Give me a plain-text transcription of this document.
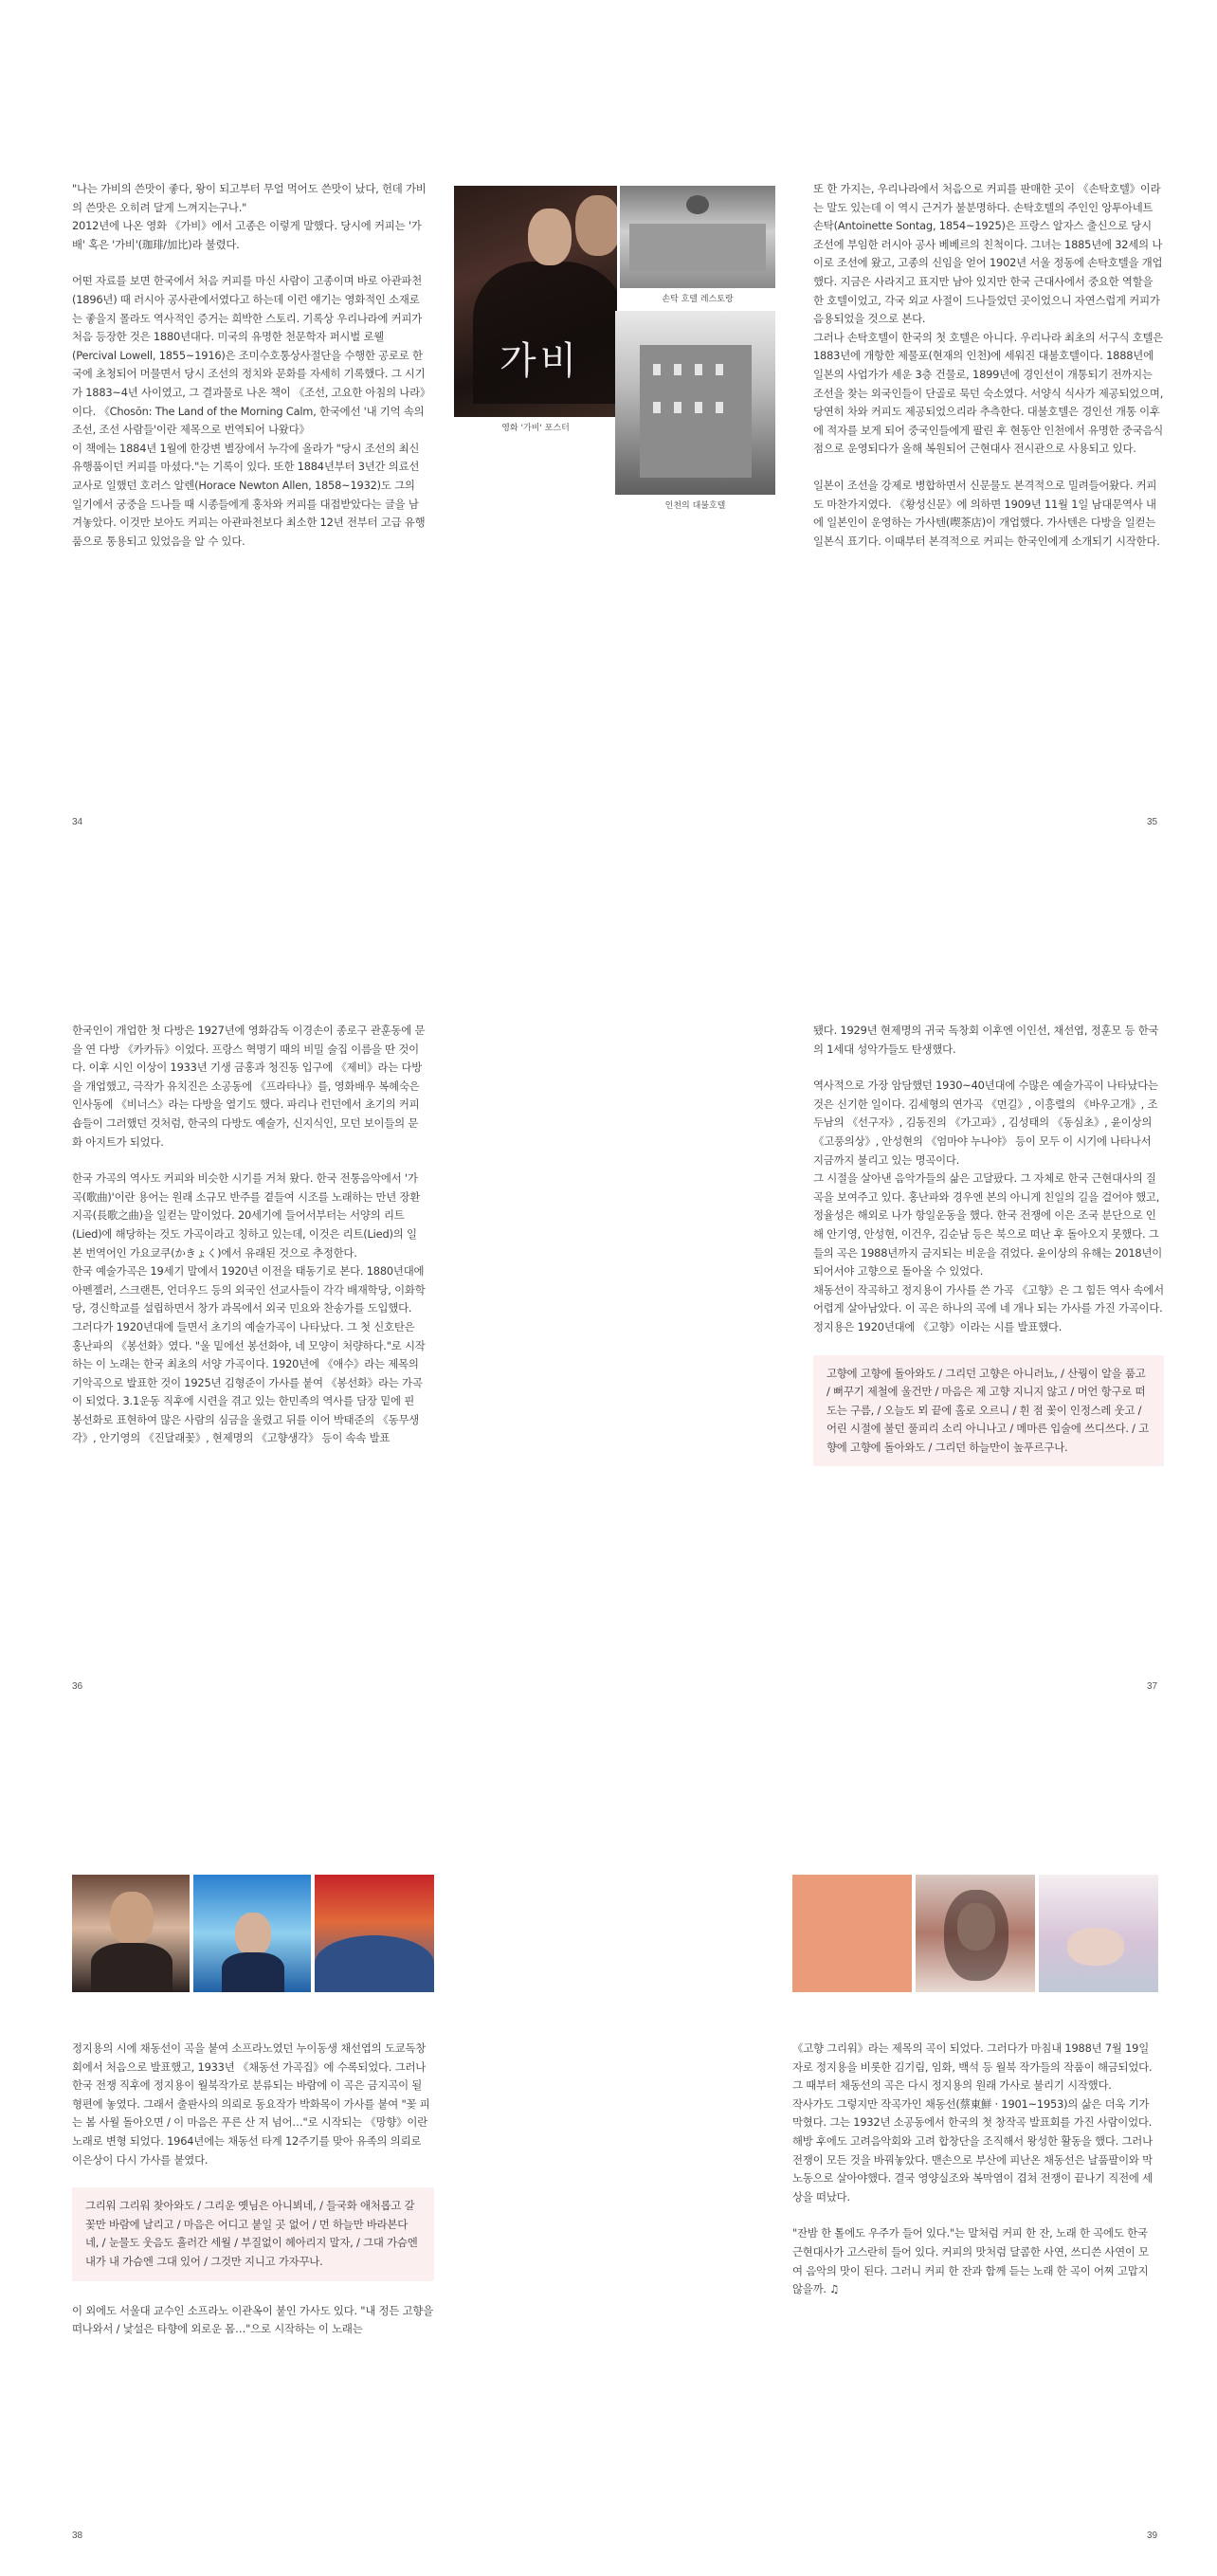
"나는 가비의 쓴맛이 좋다, 왕이 되고부터 무얼 먹어도 쓴맛이 났다, 헌데 가비의 쓴맛은 오히려 달게 느껴지는구나."
2012년에 나온 영화 《가비》에서 고종은 이렇게 말했다. 당시에 커피는 '가배' 혹은 '가비'(珈琲/加比)라 불렸다.

어떤 자료를 보면 한국에서 처음 커피를 마신 사람이 고종이며 바로 아관파천(1896년) 때 러시아 공사관에서였다고 하는데 이런 얘기는 영화적인 소재로는 좋을지 몰라도 역사적인 증거는 희박한 스토리. 기록상 우리나라에 커피가 처음 등장한 것은 1880년대다. 미국의 유명한 천문학자 퍼시벌 로웰(Percival Lowell, 1855~1916)은 조미수호통상사절단을 수행한 공로로 한국에 초청되어 머물면서 당시 조선의 정치와 문화를 자세히 기록했다. 그 시기가 1883~4년 사이였고, 그 결과물로 나온 책이 《조선, 고요한 아침의 나라》이다. 《Chosŏn: The Land of the Morning Calm, 한국에선 '내 기억 속의 조선, 조선 사람들'이란 제목으로 번역되어 나왔다》
이 책에는 1884년 1월에 한강변 별장에서 누각에 올라가 "당시 조선의 최신 유행품이던 커피를 마셨다."는 기록이 있다. 또한 1884년부터 3년간 의료선교사로 일했던 호러스 알렌(Horace Newton Allen, 1858~1932)도 그의 일기에서 궁중을 드나들 때 시종들에게 홍차와 커피를 대접받았다는 글을 남겨놓았다. 이것만 보아도 커피는 아관파천보다 최소한 12년 전부터 고급 유행품으로 통용되고 있었음을 알 수 있다.

가비
영화 '가비' 포스터
손탁 호텔 레스토랑
인천의 대불호텔

또 한 가지는, 우리나라에서 처음으로 커피를 판매한 곳이 《손탁호텔》이라는 말도 있는데 이 역시 근거가 불분명하다. 손탁호텔의 주인인 앙투아네트 손탁(Antoinette Sontag, 1854~1925)은 프랑스 알자스 출신으로 당시 조선에 부임한 러시아 공사 베베르의 친척이다. 그녀는 1885년에 32세의 나이로 조선에 왔고, 고종의 신임을 얻어 1902년 서울 정동에 손탁호텔을 개업했다. 지금은 사라지고 표지만 남아 있지만 한국 근대사에서 중요한 역할을 한 호텔이었고, 각국 외교 사절이 드나들었던 곳이었으니 자연스럽게 커피가 음용되었을 것으로 본다.
그러나 손탁호텔이 한국의 첫 호텔은 아니다. 우리나라 최초의 서구식 호텔은 1883년에 개항한 제물포(현재의 인천)에 세워진 대불호텔이다. 1888년에 일본의 사업가가 세운 3층 건물로, 1899년에 경인선이 개통되기 전까지는 조선을 찾는 외국인들이 단골로 묵던 숙소였다. 서양식 식사가 제공되었으며, 당연히 차와 커피도 제공되었으리라 추측한다. 대불호텔은 경인선 개통 이후에 적자를 보게 되어 중국인들에게 팔린 후 현동안 인천에서 유명한 중국음식점으로 운영되다가 올해 복원되어 근현대사 전시관으로 사용되고 있다.

일본이 조선을 강제로 병합하면서 신문물도 본격적으로 밀려들어왔다. 커피도 마찬가지였다. 《황성신문》에 의하면 1909년 11월 1일 남대문역사 내에 일본인이 운영하는 가사텐(喫茶店)이 개업했다. 가사텐은 다방을 일컫는 일본식 표기다. 이때부터 본격적으로 커피는 한국인에게 소개되기 시작한다.

34	35

한국인이 개업한 첫 다방은 1927년에 영화감독 이경손이 종로구 관훈동에 문을 연 다방 《카카듀》이었다. 프랑스 혁명기 때의 비밀 술집 이름을 딴 것이다. 이후 시인 이상이 1933년 기생 금홍과 청진동 입구에 《제비》라는 다방을 개업했고, 극작가 유치진은 소공동에 《프라타나》를, 영화배우 복혜숙은 인사동에 《비너스》라는 다방을 열기도 했다. 파리나 런던에서 초기의 커피숍들이 그러했던 것처럼, 한국의 다방도 예술가, 신지식인, 모던 보이들의 문화 아지트가 되었다.

한국 가곡의 역사도 커피와 비슷한 시기를 거쳐 왔다. 한국 전통음악에서 '가곡(歌曲)'이란 용어는 원래 소규모 반주를 곁들여 시조를 노래하는 만년 장환지곡(長歌之曲)을 일컫는 말이었다. 20세기에 들어서부터는 서양의 리트(Lied)에 해당하는 것도 가곡이라고 칭하고 있는데, 이것은 리트(Lied)의 일본 번역어인 가요쿄쿠(かきょく)에서 유래된 것으로 추정한다.
한국 예술가곡은 19세기 말에서 1920년 이전을 태동기로 본다. 1880년대에 아펜젤러, 스크랜튼, 언더우드 등의 외국인 선교사들이 각각 배재학당, 이화학당, 경신학교를 설립하면서 창가 과목에서 외국 민요와 찬송가를 도입했다.
그러다가 1920년대에 들면서 초기의 예술가곡이 나타났다. 그 첫 신호탄은 홍난파의 《봉선화》였다. "울 밑에선 봉선화야, 네 모양이 처량하다."로 시작하는 이 노래는 한국 최초의 서양 가곡이다. 1920년에 《애수》라는 제목의 기악곡으로 발표한 것이 1925년 김형준이 가사를 붙여 《봉선화》라는 가곡이 되었다. 3.1운동 직후에 시련을 겪고 있는 한민족의 역사를 담장 밑에 핀 봉선화로 표현하여 많은 사람의 심금을 울렸고 뒤를 이어 박태준의 《동무생각》, 안기영의 《진달래꽃》, 현제명의 《고향생각》 등이 속속 발표

됐다. 1929년 현제명의 귀국 독창회 이후엔 이인선, 채선엽, 정훈모 등 한국의 1세대 성악가들도 탄생했다.

역사적으로 가장 암담했던 1930~40년대에 수많은 예술가곡이 나타났다는 것은 신기한 일이다. 김세형의 연가곡 《먼길》, 이흥렬의 《바우고개》, 조두남의 《선구자》, 김동진의 《가고파》, 김성태의 《동심초》, 윤이상의 《고풍의상》, 안성현의 《엄마야 누나야》 등이 모두 이 시기에 나타나서 지금까지 불리고 있는 명곡이다.
그 시절을 살아낸 음악가들의 삶은 고달팠다. 그 자체로 한국 근현대사의 질곡을 보여주고 있다. 홍난파와 경우엔 본의 아니게 친일의 길을 걸어야 했고, 정율성은 해외로 나가 항일운동을 했다. 한국 전쟁에 이은 조국 분단으로 인해 안기영, 안성현, 이건우, 김순남 등은 북으로 떠난 후 돌아오지 못했다. 그들의 곡은 1988년까지 금지되는 비운을 겪었다. 윤이상의 유해는 2018년이 되어서야 고향으로 돌아올 수 있었다.
채동선이 작곡하고 정지용이 가사를 쓴 가곡 《고향》은 그 힘든 역사 속에서 어렵게 살아남았다. 이 곡은 하나의 곡에 네 개나 되는 가사를 가진 가곡이다. 정지용은 1920년대에 《고향》이라는 시를 발표했다.

고향에 고향에 돌아와도 / 그리던 고향은 아니러뇨, / 산꿩이 알을 품고 / 뻐꾸기 제철에 울건만 / 마음은 제 고향 지니지 않고 / 머언 항구로 떠도는 구름, / 오늘도 뫼 끝에 홀로 오르니 / 흰 점 꽃이 인정스레 웃고 / 어린 시절에 불던 풀피리 소리 아니나고 / 메마른 입술에 쓰디쓰다. / 고향에 고향에 돌아와도 / 그리던 하늘만이 높푸르구나.
36	37

정지용의 시에 채동선이 곡을 붙여 소프라노였던 누이동생 채선엽의 도쿄독창회에서 처음으로 발표했고, 1933년 《채동선 가곡집》에 수록되었다. 그러나 한국 전쟁 직후에 정지용이 월북작가로 분류되는 바람에 이 곡은 금지곡이 될 형편에 놓였다. 그래서 출판사의 의뢰로 동요작가 박화목이 가사를 붙여 "꽃 피는 봄 사월 돌아오면 / 이 마음은 푸른 산 저 넘어…"로 시작되는 《망향》이란 노래로 변형 되었다. 1964년에는 채동선 타계 12주기를 맞아 유족의 의뢰로 이은상이 다시 가사를 붙였다.

그리워 그리워 찾아와도 / 그리운 옛님은 아니뵈네, / 들국화 애처롭고 갈꽃만 바람에 날리고 / 마음은 어디고 붙일 곳 없어 / 먼 하늘만 바라본다네, / 눈물도 웃음도 흘러간 세월 / 부질없이 헤아리지 말자, / 그대 가슴엔 내가 내 가슴엔 그대 있어 / 그것만 지니고 가자꾸나.

이 외에도 서울대 교수인 소프라노 이관옥이 붙인 가사도 있다. "내 정든 고향을 떠나와서 / 낯설은 타향에 외로운 몸…"으로 시작하는 이 노래는

《고향 그리워》라는 제목의 곡이 되었다. 그러다가 마침내 1988년 7월 19일자로 정지용을 비롯한 김기림, 임화, 백석 등 월북 작가들의 작품이 해금되었다. 그 때부터 채동선의 곡은 다시 정지용의 원래 가사로 불리기 시작했다.
작사가도 그렇지만 작곡가인 채동선(蔡東鮮 · 1901~1953)의 삶은 더욱 기가 막혔다. 그는 1932년 소공동에서 한국의 첫 창작곡 발표회를 가진 사람이었다. 해방 후에도 고려음악회와 고려 합창단을 조직해서 왕성한 활동을 했다. 그러나 전쟁이 모든 것을 바꿔놓았다. 맨손으로 부산에 피난온 채동선은 날품팔이와 막노동으로 살아야했다. 결국 영양실조와 복막염이 겹쳐 전쟁이 끝나기 직전에 세상을 떠났다.

"잔밤 한 톨에도 우주가 들어 있다."는 말처럼 커피 한 잔, 노래 한 곡에도 한국 근현대사가 고스란히 들어 있다. 커피의 맛처럼 달콤한 사연, 쓰디쓴 사연이 모여 음악의 맛이 된다. 그러니 커피 한 잔과 함께 듣는 노래 한 곡이 어찌 고맙지 않을까. ♫

38	39
